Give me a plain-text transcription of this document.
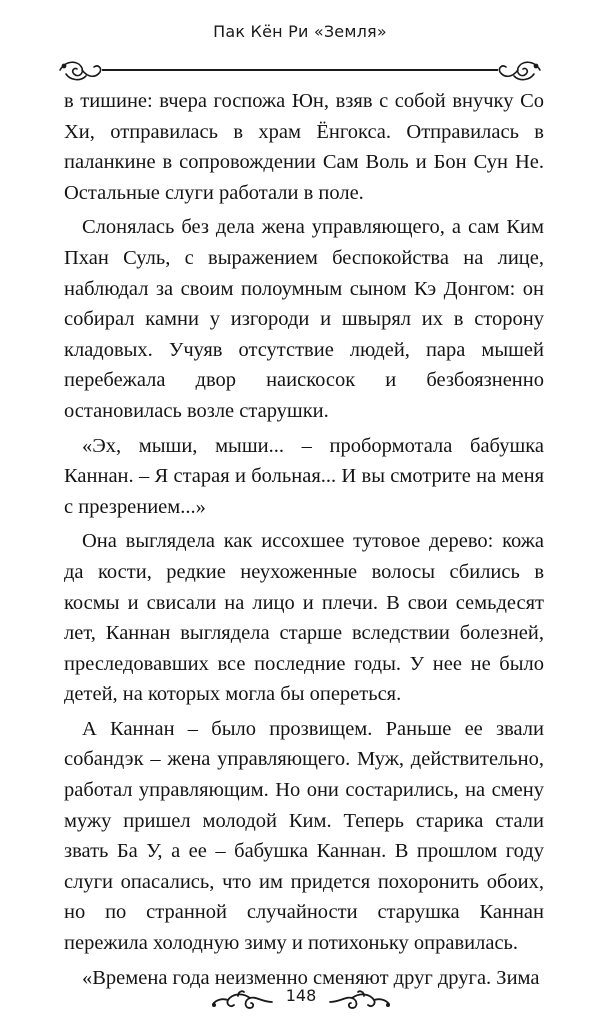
Пак Кён Ри «Земля»

в тишине: вчера госпожа Юн, взяв с собой внучку Со Хи, отправилась в храм Ёнгокса. Отправилась в паланкине в сопровождении Сам Воль и Бон Сун Не. Остальные слуги работали в поле.

Слонялась без дела жена управляющего, а сам Ким Пхан Суль, с выражением беспокойства на лице, наблюдал за своим полоумным сыном Кэ Донгом: он собирал камни у изгороди и швырял их в сторону кладовых. Учуяв отсутствие людей, пара мышей перебежала двор наискосок и безбоязненно остановилась возле старушки.

«Эх, мыши, мыши... – пробормотала бабушка Каннан. – Я старая и больная... И вы смотрите на меня с презрением...»

Она выглядела как иссохшее тутовое дерево: кожа да кости, редкие неухоженные волосы сбились в космы и свисали на лицо и плечи. В свои семьдесят лет, Каннан выглядела старше вследствии болезней, преследовавших все последние годы. У нее не было детей, на которых могла бы опереться.

А Каннан – было прозвищем. Раньше ее звали собандэк – жена управляющего. Муж, действительно, работал управляющим. Но они состарились, на смену мужу пришел молодой Ким. Теперь старика стали звать Ба У, а ее – бабушка Каннан. В прошлом году слуги опасались, что им придется похоронить обоих, но по странной случайности старушка Каннан пережила холодную зиму и потихоньку оправилась.

«Времена года неизменно сменяют друг друга. Зима

148
